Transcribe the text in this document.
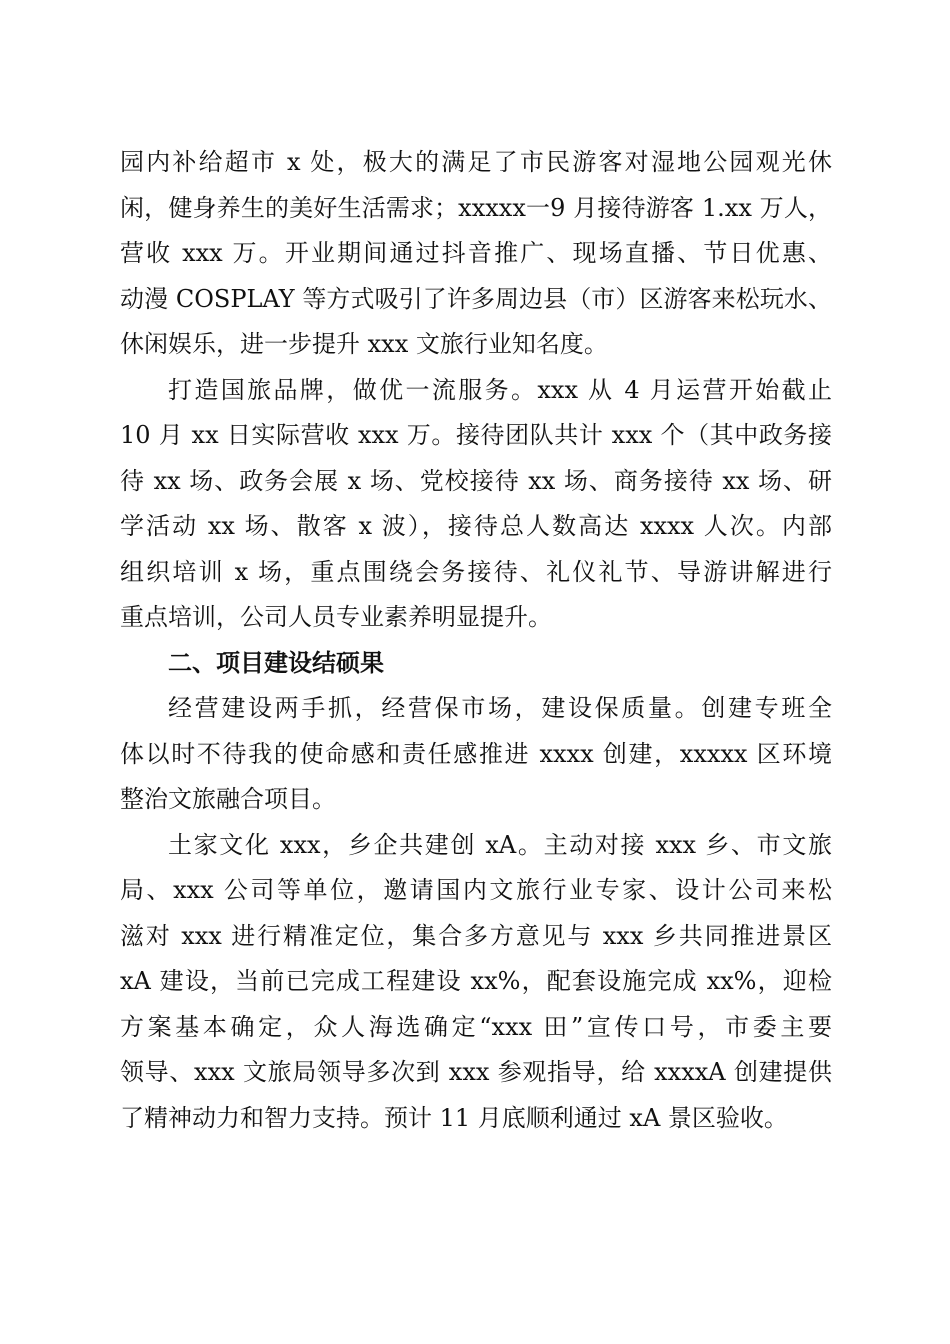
园内补给超市 x 处，极大的满足了市民游客对湿地公园观光休
闲，健身养生的美好生活需求；xxxxx一9 月接待游客 1.xx 万人，
营收 xxx 万。开业期间通过抖音推广、现场直播、节日优惠、
动漫 COSPLAY 等方式吸引了许多周边县（市）区游客来松玩水、
休闲娱乐，进一步提升 xxx 文旅行业知名度。
打造国旅品牌，做优一流服务。xxx 从 4 月运营开始截止
10 月 xx 日实际营收 xxx 万。接待团队共计 xxx 个（其中政务接
待 xx 场、政务会展 x 场、党校接待 xx 场、商务接待 xx 场、研
学活动 xx 场、散客 x 波），接待总人数高达 xxxx 人次。内部
组织培训 x 场，重点围绕会务接待、礼仪礼节、导游讲解进行
重点培训，公司人员专业素养明显提升。
二、项目建设结硕果
经营建设两手抓，经营保市场，建设保质量。创建专班全
体以时不待我的使命感和责任感推进 xxxx 创建，xxxxx 区环境
整治文旅融合项目。
土家文化 xxx，乡企共建创 xA。主动对接 xxx 乡、市文旅
局、xxx 公司等单位，邀请国内文旅行业专家、设计公司来松
滋对 xxx 进行精准定位，集合多方意见与 xxx 乡共同推进景区
xA 建设，当前已完成工程建设 xx%，配套设施完成 xx%，迎检
方案基本确定，众人海选确定“xxx 田”宣传口号，市委主要
领导、xxx 文旅局领导多次到 xxx 参观指导，给 xxxxA 创建提供
了精神动力和智力支持。预计 11 月底顺利通过 xA 景区验收。
